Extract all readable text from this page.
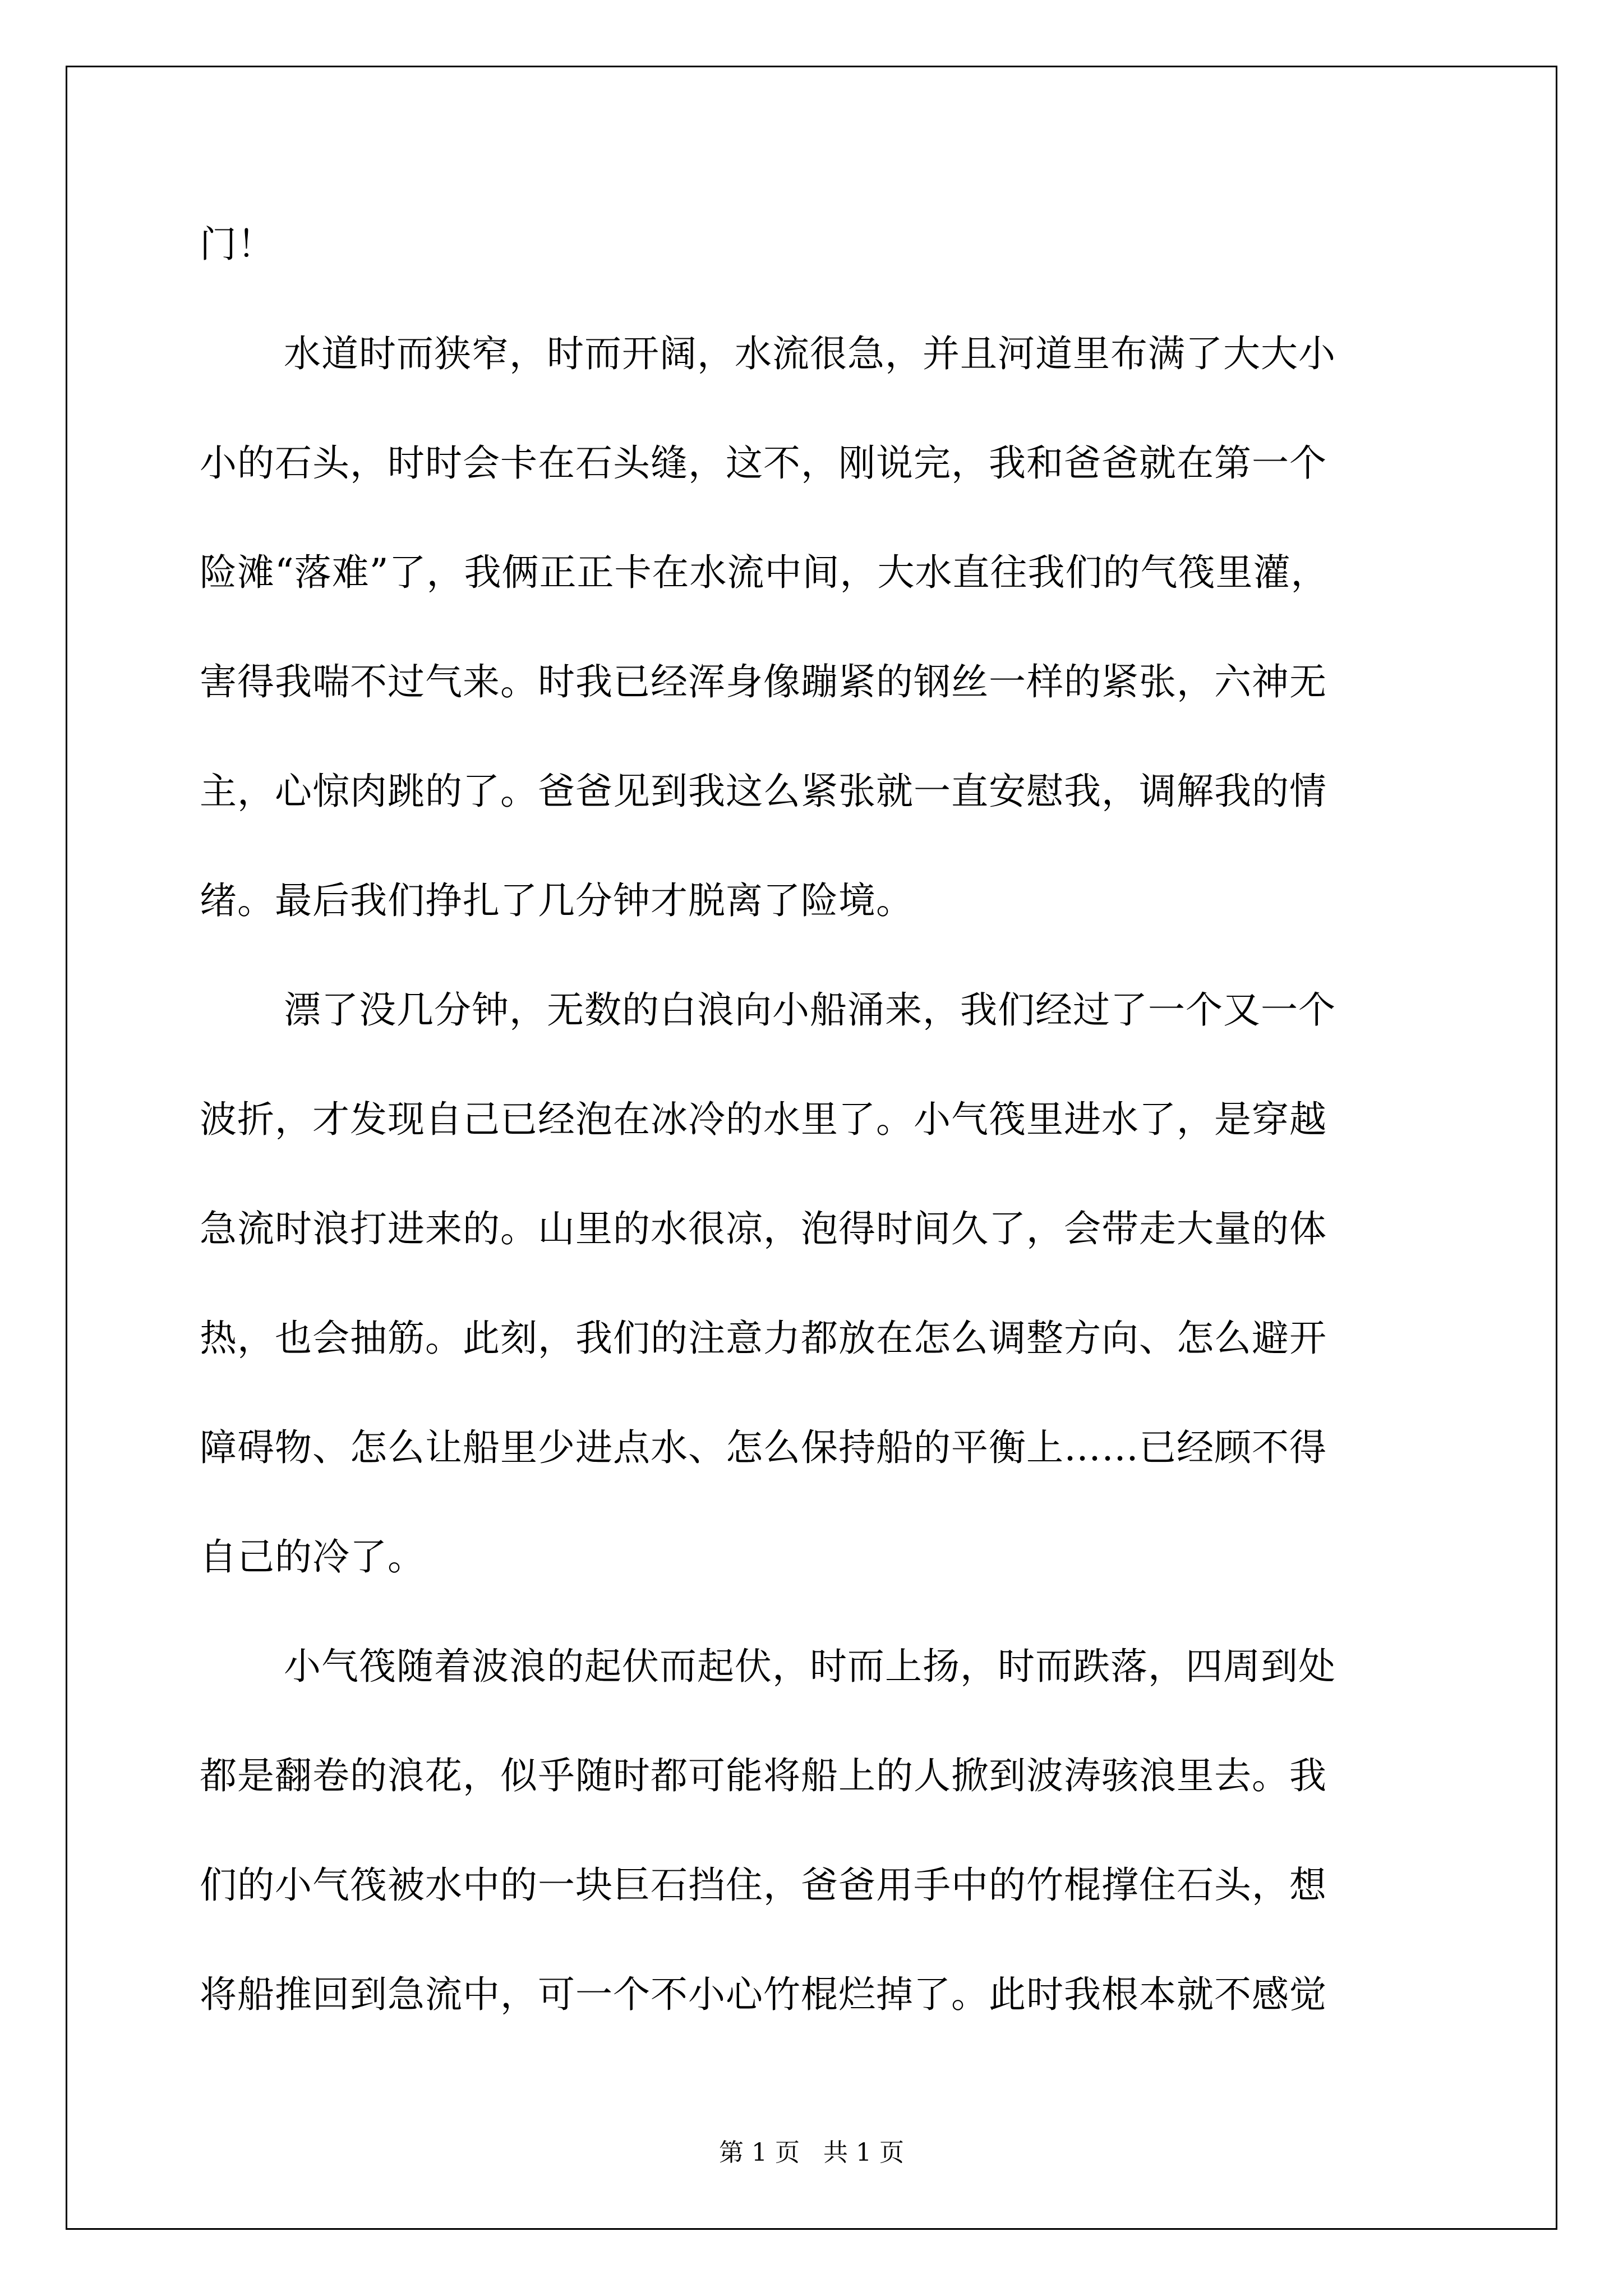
门！
水道时而狭窄，时而开阔，水流很急，并且河道里布满了大大小
小的石头，时时会卡在石头缝，这不，刚说完，我和爸爸就在第一个
险滩“落难”了，我俩正正卡在水流中间，大水直往我们的气筏里灌，
害得我喘不过气来。时我已经浑身像蹦紧的钢丝一样的紧张，六神无
主，心惊肉跳的了。爸爸见到我这么紧张就一直安慰我，调解我的情
绪。最后我们挣扎了几分钟才脱离了险境。
漂了没几分钟，无数的白浪向小船涌来，我们经过了一个又一个
波折，才发现自己已经泡在冰冷的水里了。小气筏里进水了，是穿越
急流时浪打进来的。山里的水很凉，泡得时间久了，会带走大量的体
热，也会抽筋。此刻，我们的注意力都放在怎么调整方向、怎么避开
障碍物、怎么让船里少进点水、怎么保持船的平衡上……已经顾不得
自己的冷了。
小气筏随着波浪的起伏而起伏，时而上扬，时而跌落，四周到处
都是翻卷的浪花，似乎随时都可能将船上的人掀到波涛骇浪里去。我
们的小气筏被水中的一块巨石挡住，爸爸用手中的竹棍撑住石头，想
将船推回到急流中，可一个不小心竹棍烂掉了。此时我根本就不感觉
第 1 页   共 1 页
